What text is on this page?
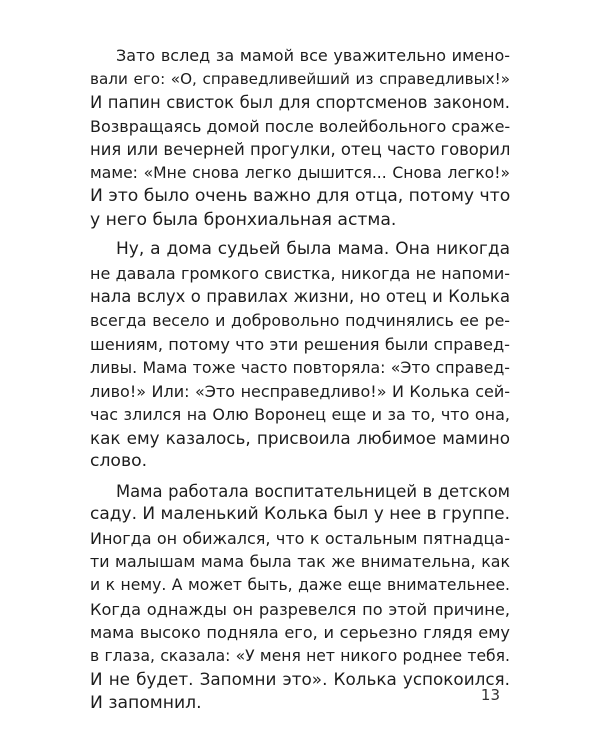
Зато вслед за мамой все уважительно имено-
вали его: «О, справедливейший из справедливых!»
И папин свисток был для спортсменов законом.
Возвращаясь домой после волейбольного сраже-
ния или вечерней прогулки, отец часто говорил
маме: «Мне снова легко дышится... Снова легко!»
И это было очень важно для отца, потому что
у него была бронхиальная астма.
Ну, а дома судьей была мама. Она никогда
не давала громкого свистка, никогда не напоми-
нала вслух о правилах жизни, но отец и Колька
всегда весело и добровольно подчинялись ее ре-
шениям, потому что эти решения были справед-
ливы. Мама тоже часто повторяла: «Это справед-
ливо!» Или: «Это несправедливо!» И Колька сей-
час злился на Олю Воронец еще и за то, что она,
как ему казалось, присвоила любимое мамино
слово.
Мама работала воспитательницей в детском
саду. И маленький Колька был у нее в группе.
Иногда он обижался, что к остальным пятнадца-
ти малышам мама была так же внимательна, как
и к нему. А может быть, даже еще внимательнее.
Когда однажды он разревелся по этой причине,
мама высоко подняла его, и серьезно глядя ему
в глаза, сказала: «У меня нет никого роднее тебя.
И не будет. Запомни это». Колька успокоился.
И запомнил.	13
